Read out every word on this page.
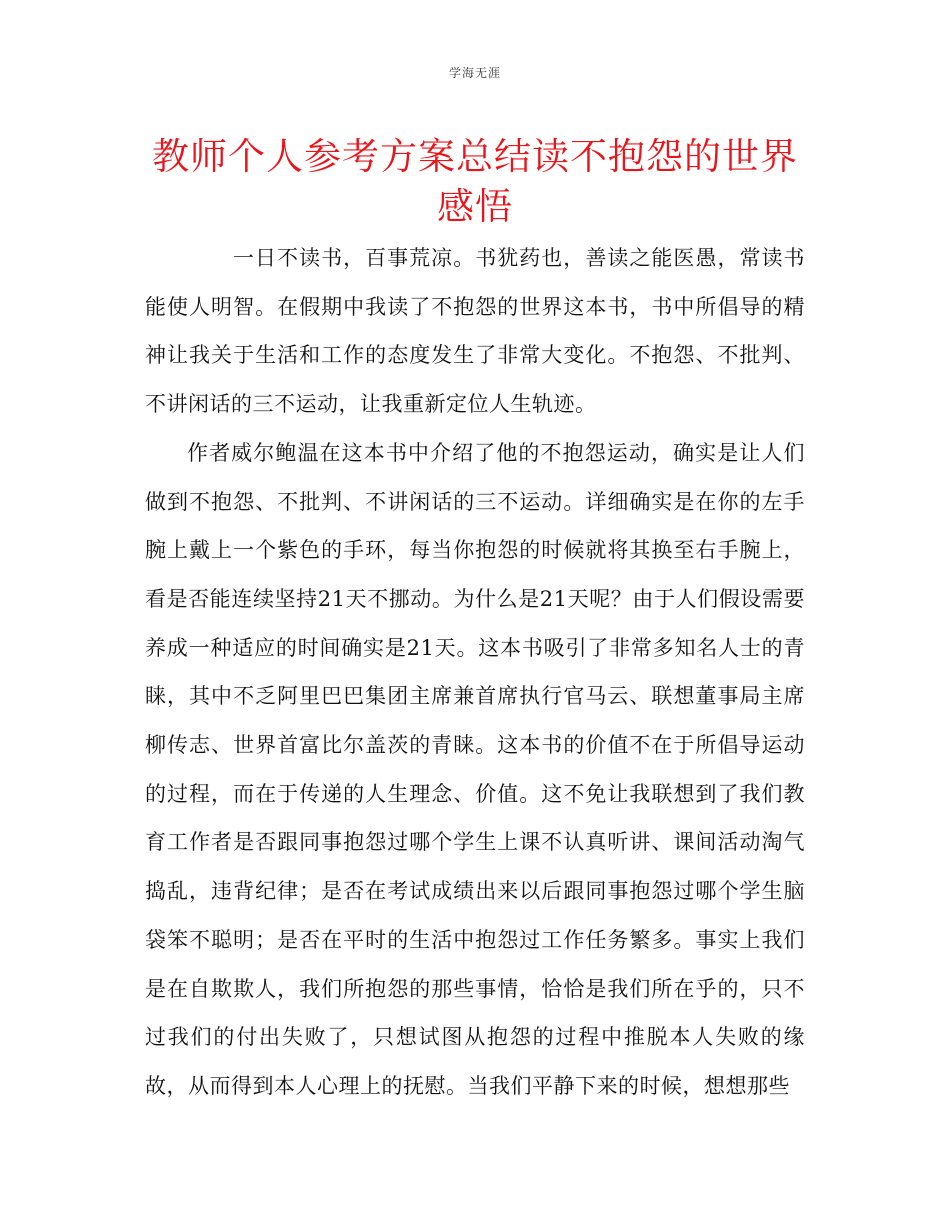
学海无涯
教师个人参考方案总结读不抱怨的世界感悟

一日不读书，百事荒凉。书犹药也，善读之能医愚，常读书能使人明智。在假期中我读了不抱怨的世界这本书，书中所倡导的精神让我关于生活和工作的态度发生了非常大变化。不抱怨、不批判、不讲闲话的三不运动，让我重新定位人生轨迹。

作者威尔鲍温在这本书中介绍了他的不抱怨运动，确实是让人们做到不抱怨、不批判、不讲闲话的三不运动。详细确实是在你的左手腕上戴上一个紫色的手环，每当你抱怨的时候就将其换至右手腕上，看是否能连续坚持21天不挪动。为什么是21天呢？由于人们假设需要养成一种适应的时间确实是21天。这本书吸引了非常多知名人士的青睐，其中不乏阿里巴巴集团主席兼首席执行官马云、联想董事局主席柳传志、世界首富比尔盖茨的青睐。这本书的价值不在于所倡导运动的过程，而在于传递的人生理念、价值。这不免让我联想到了我们教育工作者是否跟同事抱怨过哪个学生上课不认真听讲、课间活动淘气捣乱，违背纪律；是否在考试成绩出来以后跟同事抱怨过哪个学生脑袋笨不聪明；是否在平时的生活中抱怨过工作任务繁多。事实上我们是在自欺欺人，我们所抱怨的那些事情，恰恰是我们所在乎的，只不过我们的付出失败了，只想试图从抱怨的过程中推脱本人失败的缘故，从而得到本人心理上的抚慰。当我们平静下来的时候，想想那些
